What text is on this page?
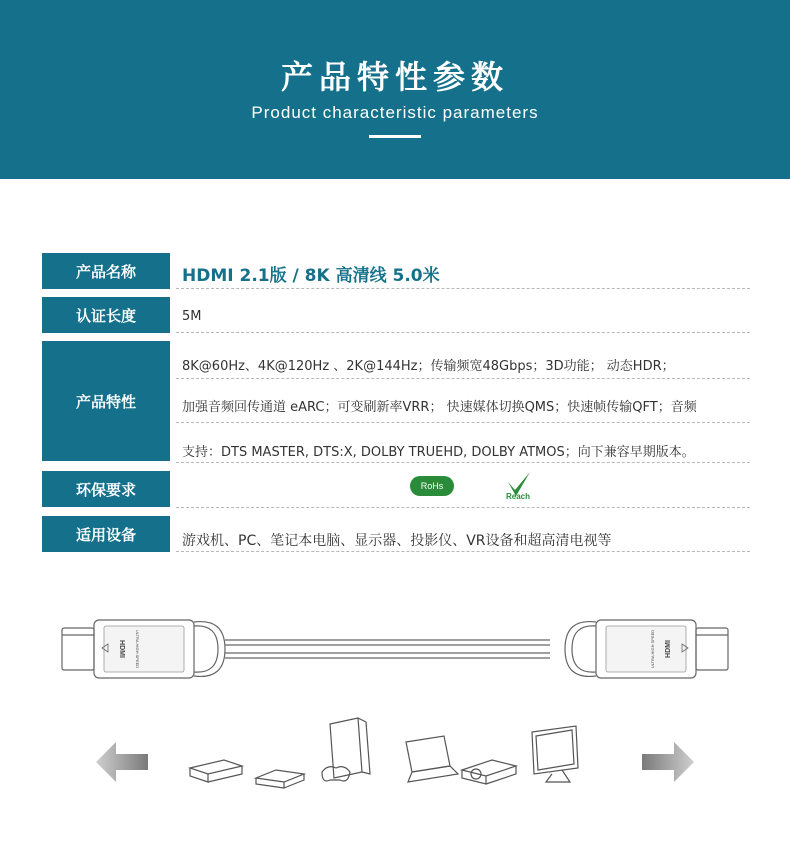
产品特性参数
Product characteristic parameters
产品名称	HDMI 2.1版 / 8K 高清线 5.0米
认证长度	5M
产品特性
8K@60Hz、4K@120Hz 、2K@144Hz；传输频宽48Gbps；3D功能； 动态HDR；
加强音频回传通道 eARC；可变刷新率VRR； 快速媒体切换QMS；快速帧传输QFT；音频
支持：DTS MASTER, DTS:X, DOLBY TRUEHD, DOLBY ATMOS；向下兼容早期版本。
环保要求	RoHs
Reach
适用设备	游戏机、PC、笔记本电脑、显示器、投影仪、VR设备和超高清电视等
HDMI	ULTRA HIGH SPEED	HDMI
ULTRA HIGH SPEED
